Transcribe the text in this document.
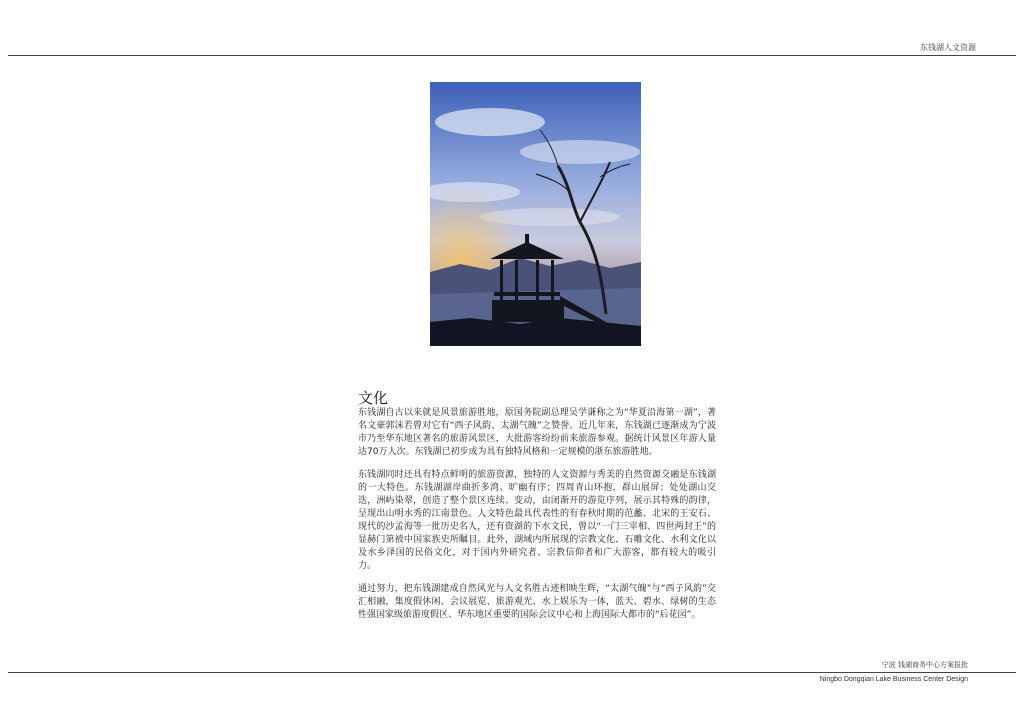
东钱湖人文资源
文化

东钱湖自古以来就是风景旅游胜地，原国务院副总理吴学谦称之为“华夏沿海第一湖”，著名文豪郭沫若曾对它有“西子风韵、太湖气魄”之赞誉。近几年来，东钱湖已逐渐成为宁波市乃至华东地区著名的旅游风景区，大批游客纷纷前来旅游参观。据统计风景区年游人量达70万人次。东钱湖已初步成为具有独特风格和一定规模的浙东旅游胜地。

东钱湖同时还具有特点鲜明的旅游资源，独特的人文资源与秀美的自然资源交融是东钱湖的一大特色。东钱湖湖岸曲折多湾、旷幽有序；四周青山环抱，群山展屏；处处湖山交迭，洲屿染翠，创造了整个景区连续、变动，由闭渐开的游览序列，展示其特殊的韵律，呈现出山明水秀的江南景色。人文特色最具代表性的有春秋时期的范蠡、北宋的王安石、现代的沙孟海等一批历史名人，还有资湖的下水文民，曾以“一门三宰相、四世两封王”的显赫门第被中国家族史所瞩目。此外，湖域内所展现的宗教文化、石雕文化、水利文化以及水乡泽国的民俗文化，对于国内外研究者、宗教信仰者和广大游客，都有较大的吸引力。

通过努力，把东钱湖建成自然风光与人文名胜古迹相映生辉，“太湖气魄”与“西子风韵”交汇相融，集度假休闲、会议展览、旅游观光、水上娱乐为一体，蓝天、碧水、绿树的生态性强国家级旅游度假区、华东地区重要的国际会议中心和上海国际大都市的“后花园”。

宁波 钱湖商务中心方案报批
Ningbo Dongqian Lake Business Center Design
